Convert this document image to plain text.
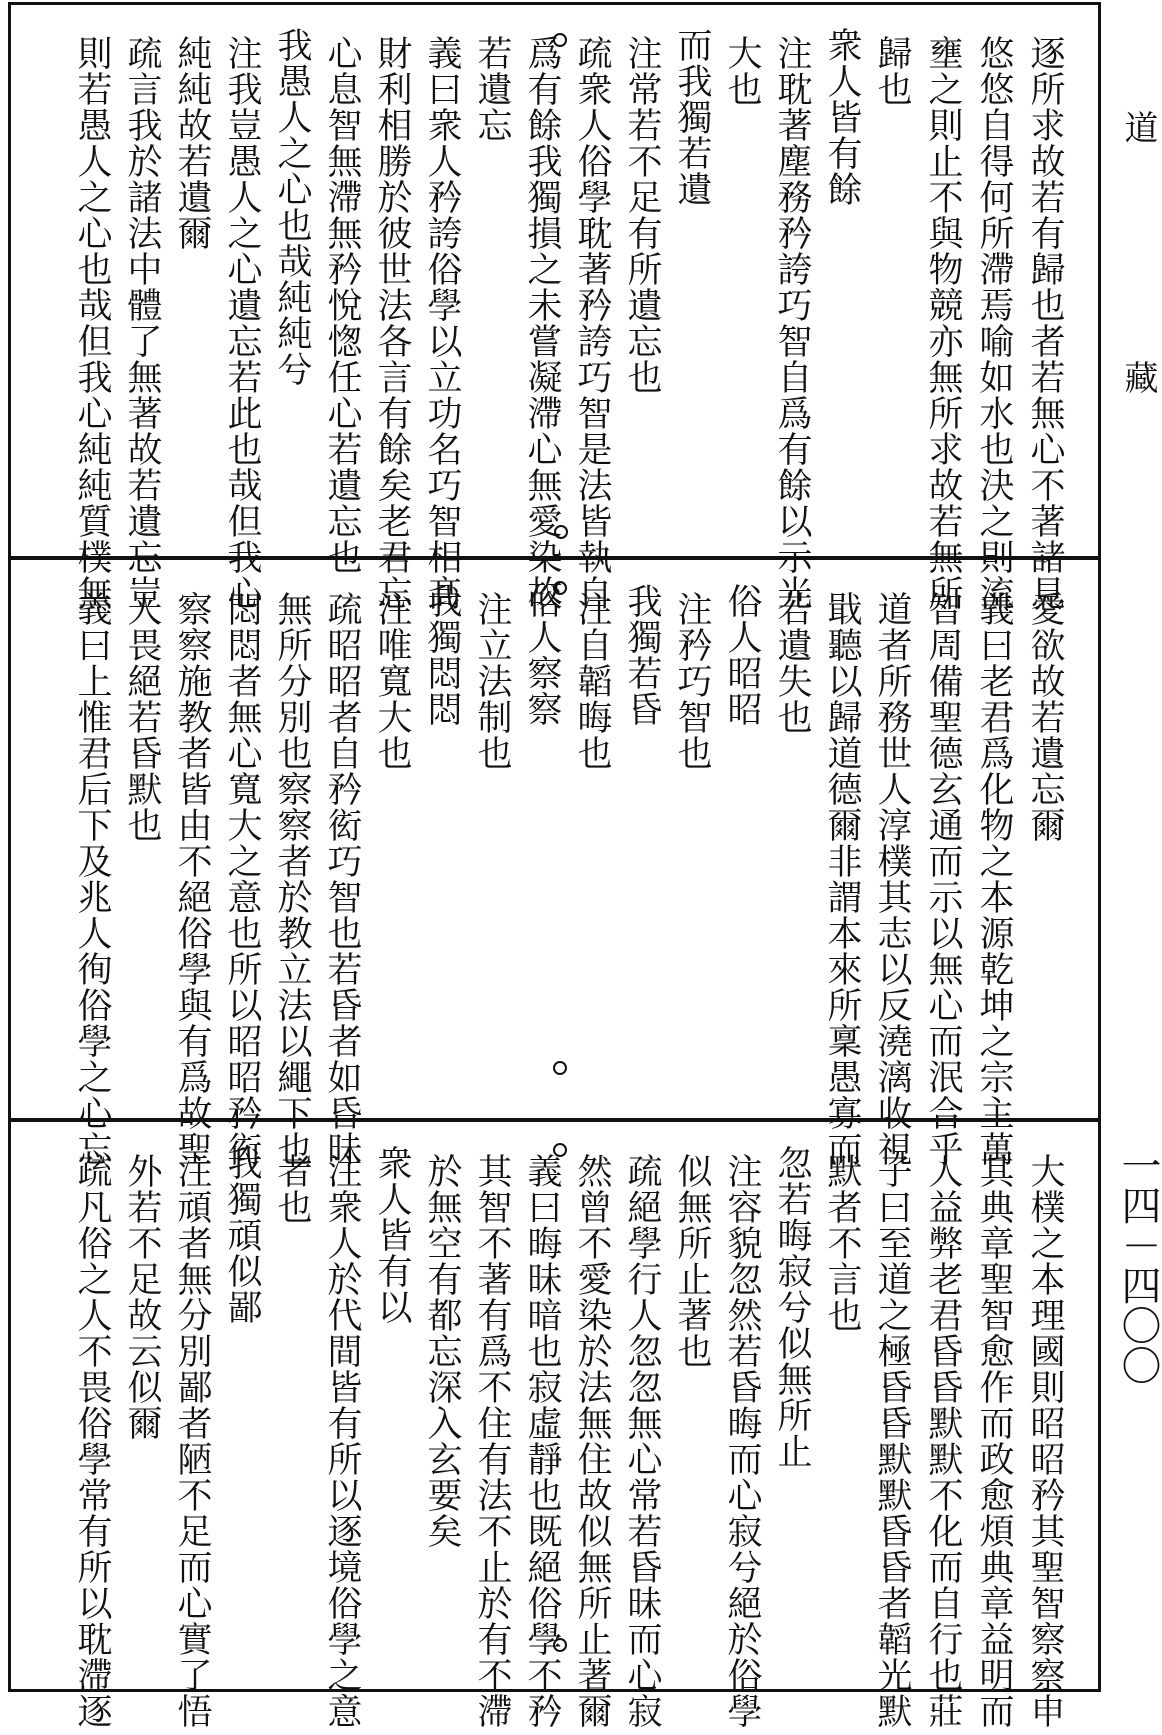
逐所求故若有歸也者若無心不著諸見
悠悠自得何所滯焉喻如水也決之則流
壅之則止不與物競亦無所求故若無所
歸也
衆人皆有餘
注耽著塵務矜誇巧智自爲有餘以示光
大也
而我獨若遺
注常若不足有所遺忘也
疏衆人俗學耽著矜誇巧智是法皆執自
爲有餘我獨損之未嘗凝滯心無愛染故
若遺忘
義曰衆人矜誇俗學以立功名巧智相髙
財利相勝於彼世法各言有餘矣老君忘
心息智無滯無矜悅愡任心若遺忘也
我愚人之心也哉純純兮
注我豈愚人之心遺忘若此也哉但我心
純純故若遺爾
疏言我於諸法中體了無著故若遺忘豈
則若愚人之心也哉但我心純純質樸無
愛欲故若遺忘爾
義曰老君爲化物之本源乾坤之宗主萬
智周備聖德玄通而示以無心而泯合乎
道者所務世人淳樸其志以反澆漓收視
戢聽以歸道德爾非謂本來所稟愚寡而
若遺失也
俗人昭昭
注矜巧智也
我獨若昏
注自韜晦也
俗人察察
注立法制也
我獨悶悶
注唯寬大也
疏昭昭者自矜衒巧智也若昏者如昏昧
無所分別也察察者於教立法以繩下也
悶悶者無心寬大之意也所以昭昭矜衒
察察施教者皆由不絕俗學與有爲故聖
人畏絕若昏默也
義曰上惟君后下及兆人徇俗學之心忘
大樸之本理國則昭昭矜其聖智察察申
其典章聖智愈作而政愈煩典章益明而
人益弊老君昏昏默默不化而自行也莊
子曰至道之極昏昏默默昏昏者韜光默
默者不言也
忽若晦寂兮似無所止
注容貌忽然若昏晦而心寂兮絕於俗學
似無所止著也
疏絕學行人忽忽無心常若昏昧而心寂
然曾不愛染於法無住故似無所止著爾
義曰晦昧暗也寂虛靜也既絕俗學不矜
其智不著有爲不住有法不止於有不滯
於無空有都忘深入玄要矣
衆人皆有以
注衆人於代間皆有所以逐境俗學之意
者也
我獨頑似鄙
注頑者無分別鄙者陋不足而心實了悟
外若不足故云似爾
疏凡俗之人不畏俗學常有所以耽滯逐
道
藏
一四－四〇〇
